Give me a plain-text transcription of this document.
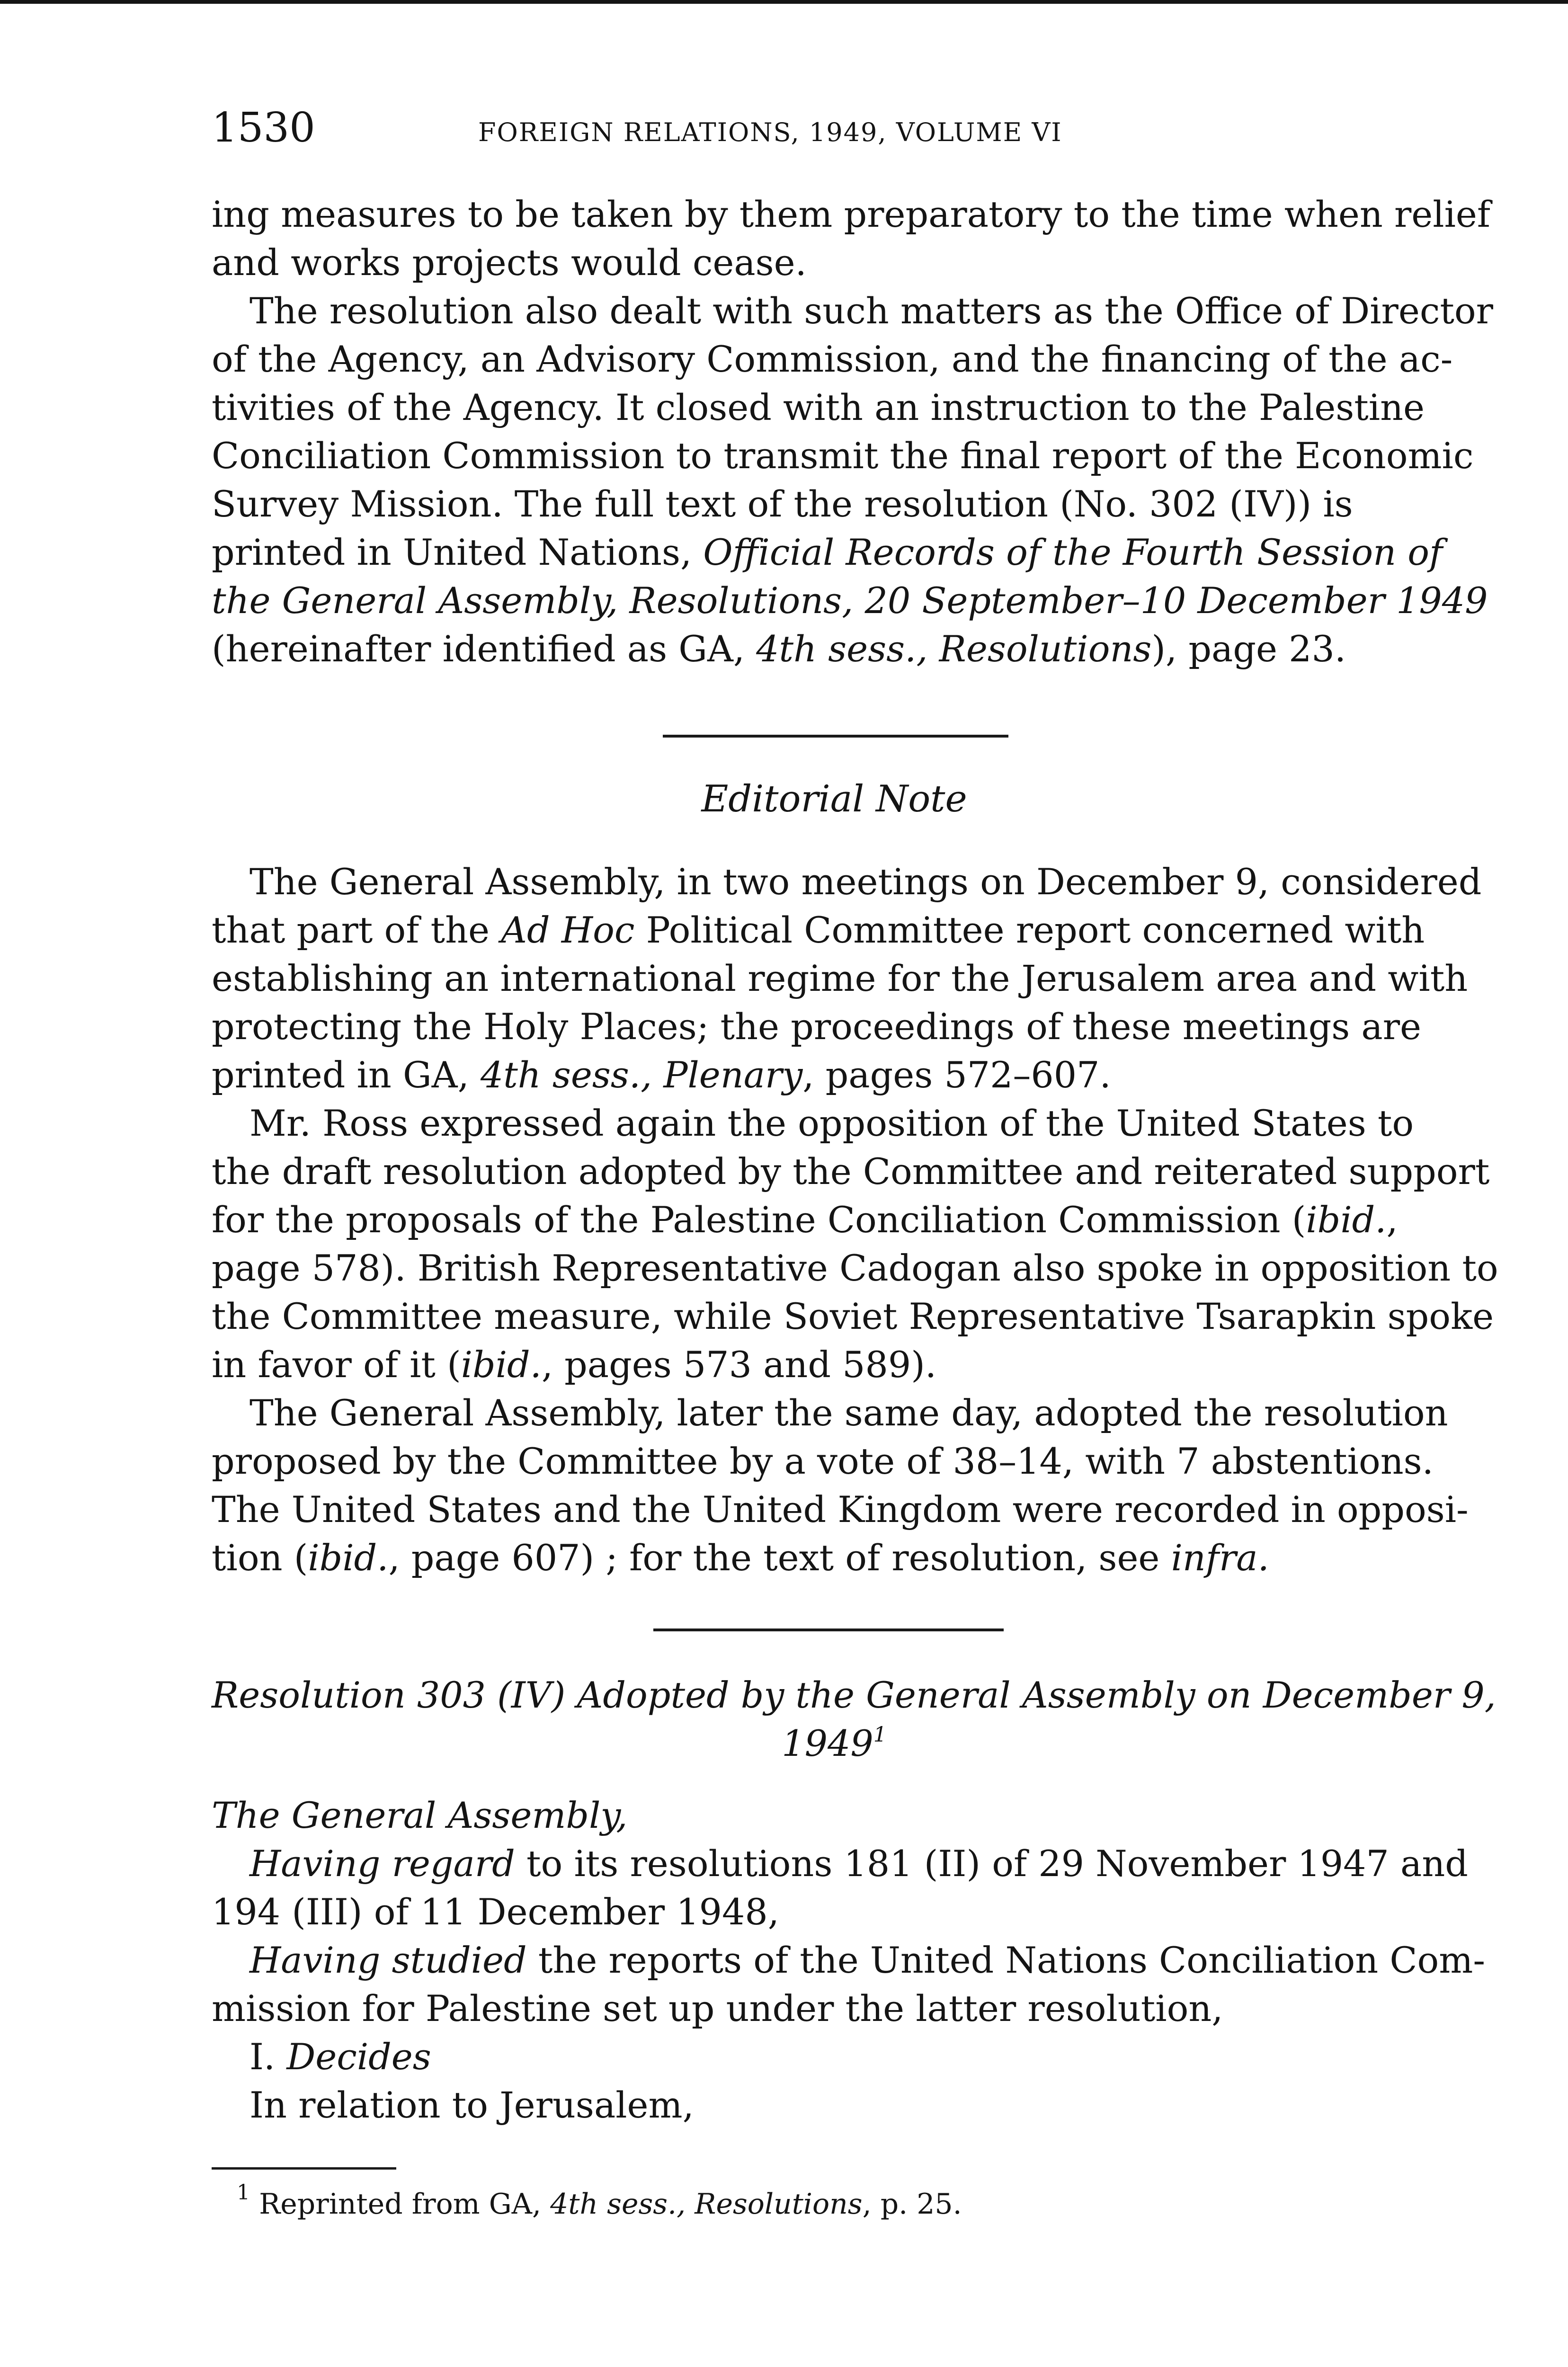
1530	FOREIGN RELATIONS, 1949, VOLUME VI
ing measures to be taken by them preparatory to the time when relief
and works projects would cease.
The resolution also dealt with such matters as the Office of Director
of the Agency, an Advisory Commission, and the financing of the ac-
tivities of the Agency. It closed with an instruction to the Palestine
Conciliation Commission to transmit the final report of the Economic
Survey Mission. The full text of the resolution (No. 302 (IV)) is
printed in United Nations, Official Records of the Fourth Session of
the General Assembly, Resolutions, 20 September–10 December 1949
(hereinafter identified as GA, 4th sess., Resolutions), page 23.
Editorial Note
The General Assembly, in two meetings on December 9, considered
that part of the Ad Hoc Political Committee report concerned with
establishing an international regime for the Jerusalem area and with
protecting the Holy Places; the proceedings of these meetings are
printed in GA, 4th sess., Plenary, pages 572–607.
Mr. Ross expressed again the opposition of the United States to
the draft resolution adopted by the Committee and reiterated support
for the proposals of the Palestine Conciliation Commission (ibid.,
page 578). British Representative Cadogan also spoke in opposition to
the Committee measure, while Soviet Representative Tsarapkin spoke
in favor of it (ibid., pages 573 and 589).
The General Assembly, later the same day, adopted the resolution
proposed by the Committee by a vote of 38–14, with 7 abstentions.
The United States and the United Kingdom were recorded in opposi-
tion (ibid., page 607) ; for the text of resolution, see infra.
Resolution 303 (IV) Adopted by the General Assembly on December 9,
1949$^1$
The General Assembly,
Having regard to its resolutions 181 (II) of 29 November 1947 and
194 (III) of 11 December 1948,
Having studied the reports of the United Nations Conciliation Com-
mission for Palestine set up under the latter resolution,
I. Decides
In relation to Jerusalem,
$^1$ Reprinted from GA, 4th sess., Resolutions, p. 25.
